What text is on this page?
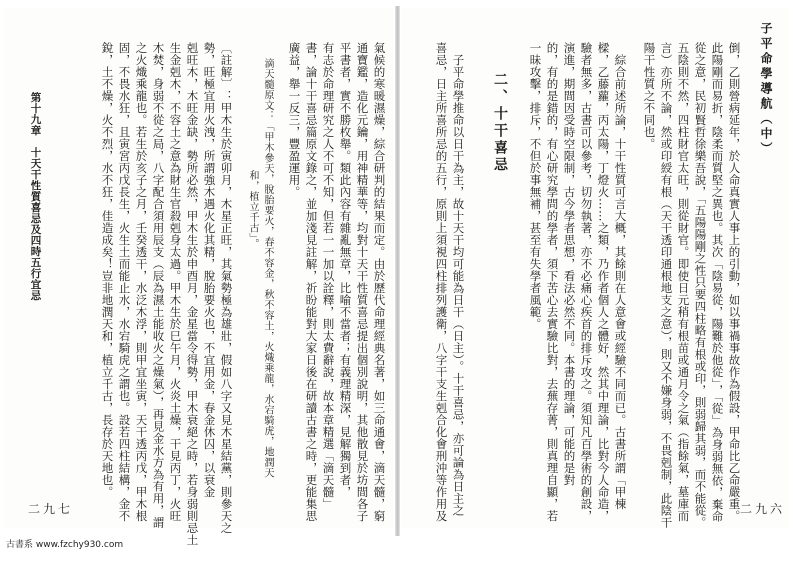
子平命學導航（中）
倒，乙則營病延年，於人命真實人事上的引動，如以事禍事故作為假設，甲命比乙命嚴重。
此陽剛而易折，陰柔而質堅之異也。其次「陰易從，陽難於他從」，「從」為身弱無依，棄命
從之意，民初賢哲徐樂吾說，「五陽陽剛之性只要四柱略有根或印，則弱歸其弱，而不能從。
五陰則不然，四柱財官太旺，則從財官。即使日元稍有根苗或通月令之氣（指餘氣，墓庫而
言）亦所不論，然或印綬有根（天干透印通根地支之意），則又不嫌身弱，不畏剋制，此陰干
陽干性質之不同也。
綜合前述所論，十干性質可言大概，其餘則在人意會或經驗不同而已。古書所謂「甲棟
樑，乙藤蘿，丙太陽，丁燈火……之類，乃作者個人之體好，然其中理論，比對今人命造，
驗者無多，古書可以參考，切勿執著，亦不必痛心疾首的排斥攻之。須知凡百學術的創設，
演進，期間因受時空限制，古今學者思想，看法必然不同。本書的理論，可能的是對
的，有的是錯的，有心研究學問的學者，須下苦心去實驗比對，去蕪存菁，則真理自顯，若
一昧攻擊，排斥，不但於事無補，甚至有失學者風範。
二、十干喜忌
子平命學推命以日干為主，故十天干均可能為日干（日主）。十干喜忌，亦可論為日主之
喜忌，日主所喜所忌的五行，原則上須視四柱排列護衛，八字干支生剋合化會刑沖等作用及	二九六
氣候的寒暖濕燥，綜合研判的結果而定。由於歷代命理經典名著，如三命通會，滴天髓，窮
通寶鑑，造化元鑰，用神精華等，均對十天干性質喜忌提出個別說明，其他散見於坊間各子
平書者，實不勝枚舉。類此內容有雜亂無章，比喻不當者；有義理精深，見解獨到者，
有志於命理研究之人不可不知，但若一一加以詮釋，則太費辭說，故本章精選「滴天髓」
書，論十干喜忌篇原文錄之，並加淺見註解，祈盼能對大家日後在研讀古書之時，更能集思
廣益，舉一反三，豐盈運用。
滴天髓原文：「甲木參天，脫胎要火，春不容金，秋不容土，火熾乘龍，水宕騎虎，地潤天
和，植立千古」。
〔註解〕：甲木生於寅卯月，木星正旺，其氣勢極為雄壯，假如八字又見木星結黨，則參天之
勢，旺極宜用火洩，所謂強木遇火化其精，脫胎要火也，不宜用金，春金休囚，以衰金
剋旺木，木旺金缺，勢所必然，甲木生於申酉月，金星當令得勢，甲木衰絕之時，若身弱則忌土
生金剋木，不容土之意為財生官殺剋身太過。甲木生於巳午月，火炎土燥，干見丙丁，火旺
木焚，身弱不從之局，八字配合須用辰支（辰為濕土能收火之燥氣），再見金水方為有用，謂
之火熾乘龍也。若生於亥子之月，壬癸透干，水泛木浮，則甲宜坐寅，天干透丙戊，甲木根
固，不畏水狂，且寅宮丙戊長生，火生土而能止水，水宕騎虎之謂也。設若四柱結構，金不
銳，土不燥，火不烈，水不狂，佳造成矣！豈非地潤天和，植立千古，長存於天地也。
第十九章　十天干性質喜忌及四時五行宜忌
二九七
古書系 www.fzchy930.com
